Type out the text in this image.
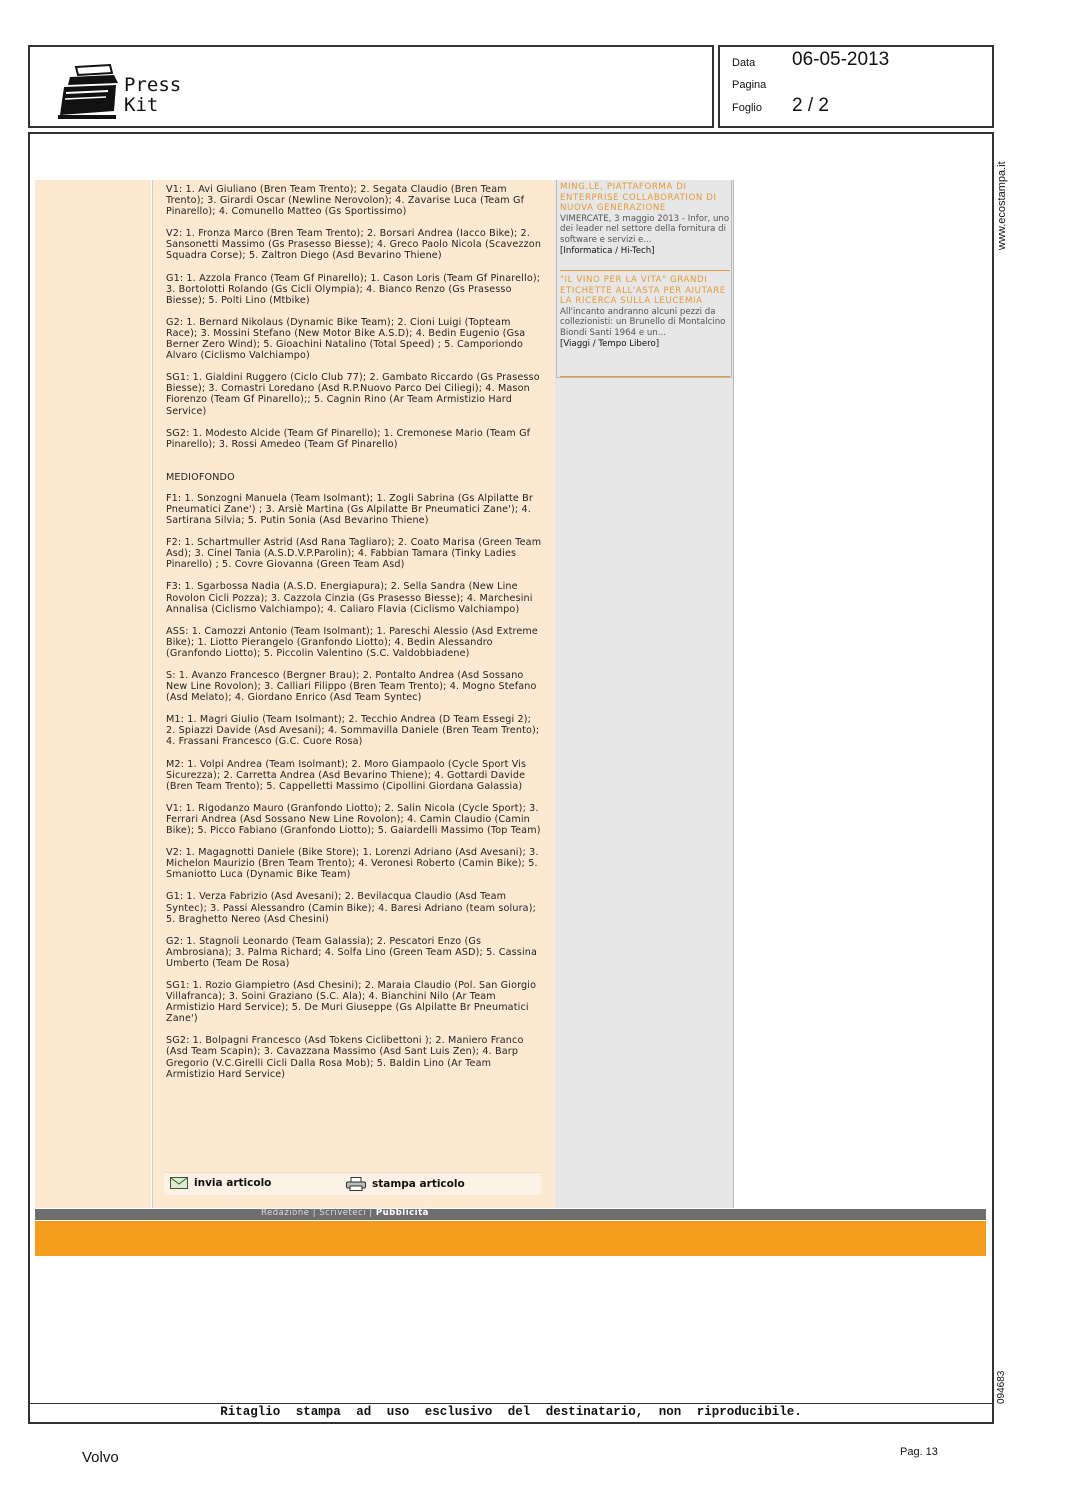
Press
Kit
Data 06-05-2013
Pagina
Foglio 2 / 2
Ritaglio stampa ad uso esclusivo del destinatario, non riproducibile.
www.ecostampa.it
094683

V1: 1. Avi Giuliano (Bren Team Trento); 2. Segata Claudio (Bren Team Trento); 3. Girardi Oscar (Newline Nerovolon); 4. Zavarise Luca (Team Gf Pinarello); 4. Comunello Matteo (Gs Sportissimo)

V2: 1. Fronza Marco (Bren Team Trento); 2. Borsari Andrea (Iacco Bike); 2. Sansonetti Massimo (Gs Prasesso Biesse); 4. Greco Paolo Nicola (Scavezzon Squadra Corse); 5. Zaltron Diego (Asd Bevarino Thiene)

G1: 1. Azzola Franco (Team Gf Pinarello); 1. Cason Loris (Team Gf Pinarello); 3. Bortolotti Rolando (Gs Cicli Olympia); 4. Bianco Renzo (Gs Prasesso Biesse); 5. Polti Lino (Mtbike)

G2: 1. Bernard Nikolaus (Dynamic Bike Team); 2. Cioni Luigi (Topteam Race); 3. Mossini Stefano (New Motor Bike A.S.D); 4. Bedin Eugenio (Gsa Berner Zero Wind); 5. Gioachini Natalino (Total Speed) ; 5. Camporiondo Alvaro (Ciclismo Valchiampo)

SG1: 1. Gialdini Ruggero (Ciclo Club 77); 2. Gambato Riccardo (Gs Prasesso Biesse); 3. Comastri Loredano (Asd R.P.Nuovo Parco Dei Ciliegi); 4. Mason Fiorenzo (Team Gf Pinarello);; 5. Cagnin Rino (Ar Team Armistizio Hard Service)

SG2: 1. Modesto Alcide (Team Gf Pinarello); 1. Cremonese Mario (Team Gf Pinarello); 3. Rossi Amedeo (Team Gf Pinarello)

MEDIOFONDO

F1: 1. Sonzogni Manuela (Team Isolmant); 1. Zogli Sabrina (Gs Alpilatte Br Pneumatici Zane') ; 3. Arsiè Martina (Gs Alpilatte Br Pneumatici Zane'); 4. Sartirana Silvia; 5. Putin Sonia (Asd Bevarino Thiene)

F2: 1. Schartmuller Astrid (Asd Rana Tagliaro); 2. Coato Marisa (Green Team Asd); 3. Cinel Tania (A.S.D.V.P.Parolin); 4. Fabbian Tamara (Tinky Ladies Pinarello) ; 5. Covre Giovanna (Green Team Asd)

F3: 1. Sgarbossa Nadia (A.S.D. Energiapura); 2. Sella Sandra (New Line Rovolon Cicli Pozza); 3. Cazzola Cinzia (Gs Prasesso Biesse); 4. Marchesini Annalisa (Ciclismo Valchiampo); 4. Caliaro Flavia (Ciclismo Valchiampo)

ASS: 1. Camozzi Antonio (Team Isolmant); 1. Pareschi Alessio (Asd Extreme Bike); 1. Liotto Pierangelo (Granfondo Liotto); 4. Bedin Alessandro (Granfondo Liotto); 5. Piccolin Valentino (S.C. Valdobbiadene)

S: 1. Avanzo Francesco (Bergner Brau); 2. Pontalto Andrea (Asd Sossano New Line Rovolon); 3. Calliari Filippo (Bren Team Trento); 4. Mogno Stefano (Asd Melato); 4. Giordano Enrico (Asd Team Syntec)

M1: 1. Magri Giulio (Team Isolmant); 2. Tecchio Andrea (D Team Essegi 2); 2. Spiazzi Davide (Asd Avesani); 4. Sommavilla Daniele (Bren Team Trento); 4. Frassani Francesco (G.C. Cuore Rosa)

M2: 1. Volpi Andrea (Team Isolmant); 2. Moro Giampaolo (Cycle Sport Vis Sicurezza); 2. Carretta Andrea (Asd Bevarino Thiene); 4. Gottardi Davide (Bren Team Trento); 5. Cappelletti Massimo (Cipollini Giordana Galassia)

V1: 1. Rigodanzo Mauro (Granfondo Liotto); 2. Salin Nicola (Cycle Sport); 3. Ferrari Andrea (Asd Sossano New Line Rovolon); 4. Camin Claudio (Camin Bike); 5. Picco Fabiano (Granfondo Liotto); 5. Gaiardelli Massimo (Top Team)

V2: 1. Magagnotti Daniele (Bike Store); 1. Lorenzi Adriano (Asd Avesani); 3. Michelon Maurizio (Bren Team Trento); 4. Veronesi Roberto (Camin Bike); 5. Smaniotto Luca (Dynamic Bike Team)

G1: 1. Verza Fabrizio (Asd Avesani); 2. Bevilacqua Claudio (Asd Team Syntec); 3. Passi Alessandro (Camin Bike); 4. Baresi Adriano (team solura); 5. Braghetto Nereo (Asd Chesini)

G2: 1. Stagnoli Leonardo (Team Galassia); 2. Pescatori Enzo (Gs Ambrosiana); 3. Palma Richard; 4. Solfa Lino (Green Team ASD); 5. Cassina Umberto (Team De Rosa)

SG1: 1. Rozio Giampietro (Asd Chesini); 2. Maraia Claudio (Pol. San Giorgio Villafranca); 3. Soini Graziano (S.C. Ala); 4. Bianchini Nilo (Ar Team Armistizio Hard Service); 5. De Muri Giuseppe (Gs Alpilatte Br Pneumatici Zane')

SG2: 1. Bolpagni Francesco (Asd Tokens Ciclibettoni ); 2. Maniero Franco (Asd Team Scapin); 3. Cavazzana Massimo (Asd Sant Luis Zen); 4. Barp Gregorio (V.C.Girelli Cicli Dalla Rosa Mob); 5. Baldin Lino (Ar Team Armistizio Hard Service)

invia articolo	stampa articolo
MING.LE, PIATTAFORMA DI ENTERPRISE COLLABORATION DI NUOVA GENERAZIONE
VIMERCATE, 3 maggio 2013 - Infor, uno dei leader nel settore della fornitura di software e servizi e...
[Informatica / Hi-Tech]
"IL VINO PER LA VITA" GRANDI ETICHETTE ALL'ASTA PER AIUTARE LA RICERCA SULLA LEUCEMIA
All'incanto andranno alcuni pezzi da collezionisti: un Brunello di Montalcino Biondi Santi 1964 e un...
[Viaggi / Tempo Libero]
Redazione | Scriveteci | Pubblicità
Volvo	Pag. 13
